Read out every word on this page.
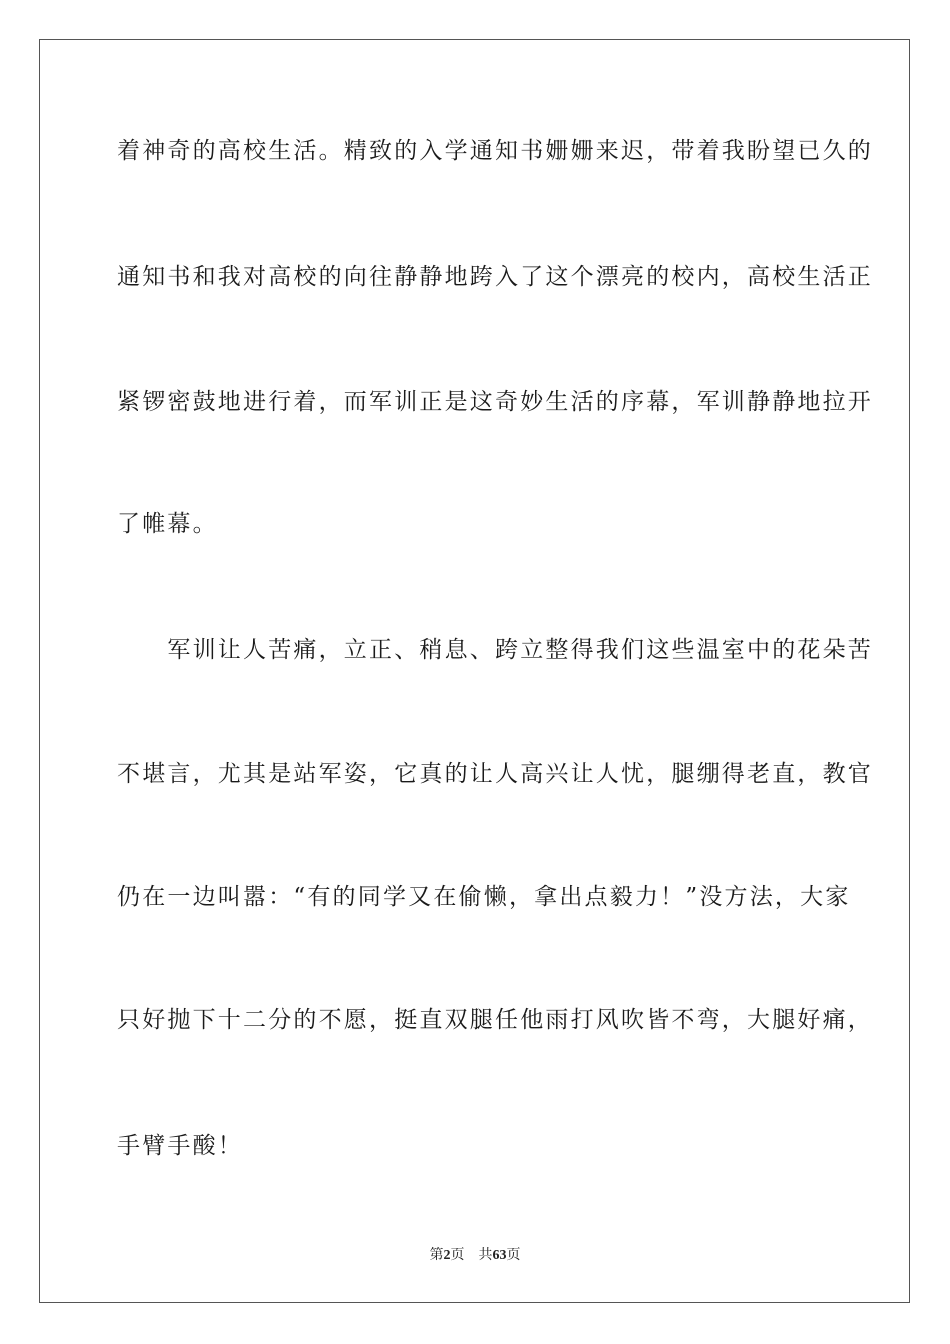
着神奇的高校生活。精致的入学通知书姗姗来迟，带着我盼望已久的
通知书和我对高校的向往静静地跨入了这个漂亮的校内，高校生活正
紧锣密鼓地进行着，而军训正是这奇妙生活的序幕，军训静静地拉开
了帷幕。
　　军训让人苦痛，立正、稍息、跨立整得我们这些温室中的花朵苦
不堪言，尤其是站军姿，它真的让人高兴让人忧，腿绷得老直，教官
仍在一边叫嚣：“有的同学又在偷懒，拿出点毅力！”没方法，大家
只好抛下十二分的不愿，挺直双腿任他雨打风吹皆不弯，大腿好痛，
手臂手酸！
第2页 共63页
